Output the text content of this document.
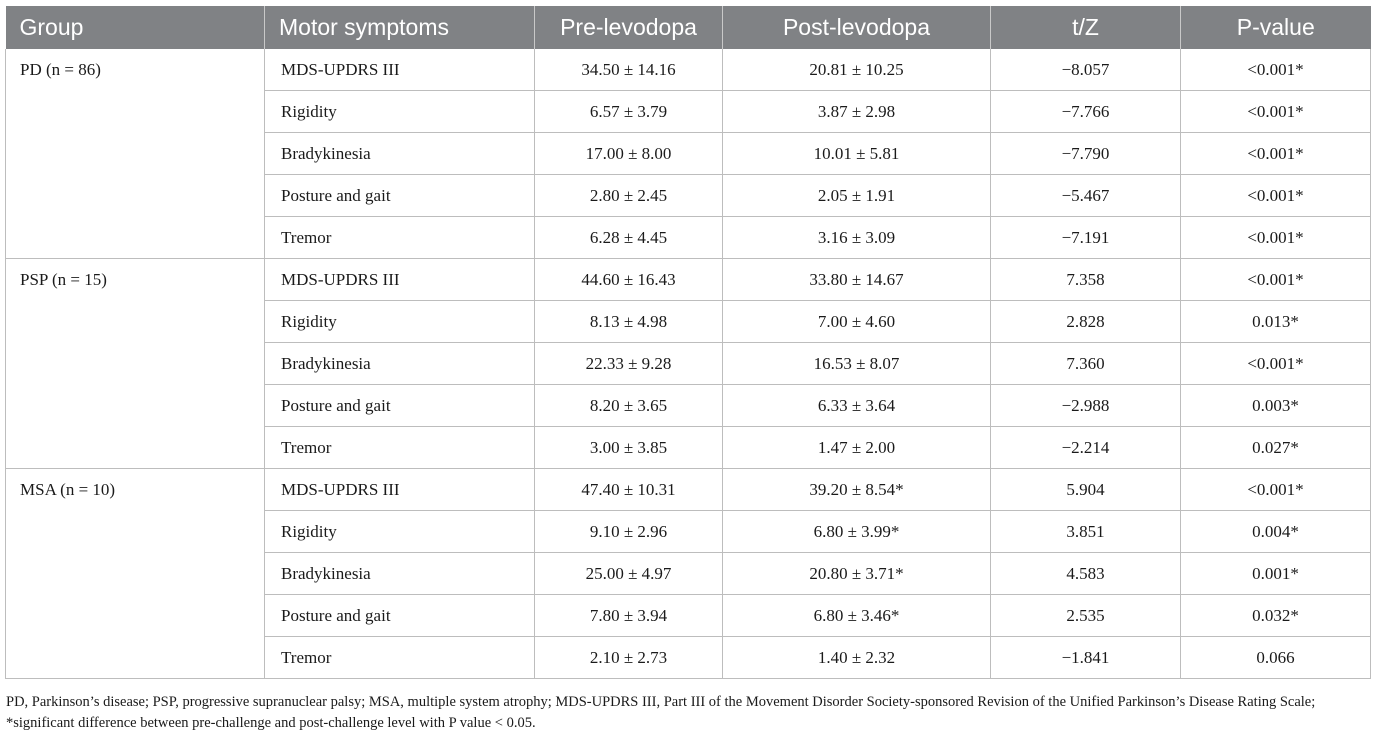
Group	Motor symptoms	Pre-levodopa	Post-levodopa	t/Z	P-value
PD (n = 86)	MDS-UPDRS III	34.50 ± 14.16	20.81 ± 10.25	−8.057	<0.001*
	Rigidity	6.57 ± 3.79	3.87 ± 2.98	−7.766	<0.001*
	Bradykinesia	17.00 ± 8.00	10.01 ± 5.81	−7.790	<0.001*
	Posture and gait	2.80 ± 2.45	2.05 ± 1.91	−5.467	<0.001*
	Tremor	6.28 ± 4.45	3.16 ± 3.09	−7.191	<0.001*
PSP (n = 15)	MDS-UPDRS III	44.60 ± 16.43	33.80 ± 14.67	7.358	<0.001*
	Rigidity	8.13 ± 4.98	7.00 ± 4.60	2.828	0.013*
	Bradykinesia	22.33 ± 9.28	16.53 ± 8.07	7.360	<0.001*
	Posture and gait	8.20 ± 3.65	6.33 ± 3.64	−2.988	0.003*
	Tremor	3.00 ± 3.85	1.47 ± 2.00	−2.214	0.027*
MSA (n = 10)	MDS-UPDRS III	47.40 ± 10.31	39.20 ± 8.54*	5.904	<0.001*
	Rigidity	9.10 ± 2.96	6.80 ± 3.99*	3.851	0.004*
	Bradykinesia	25.00 ± 4.97	20.80 ± 3.71*	4.583	0.001*
	Posture and gait	7.80 ± 3.94	6.80 ± 3.46*	2.535	0.032*
	Tremor	2.10 ± 2.73	1.40 ± 2.32	−1.841	0.066
PD, Parkinson’s disease; PSP, progressive supranuclear palsy; MSA, multiple system atrophy; MDS-UPDRS III, Part III of the Movement Disorder Society-sponsored Revision of the Unified Parkinson’s Disease Rating Scale; *significant difference between pre-challenge and post-challenge level with P value < 0.05.
